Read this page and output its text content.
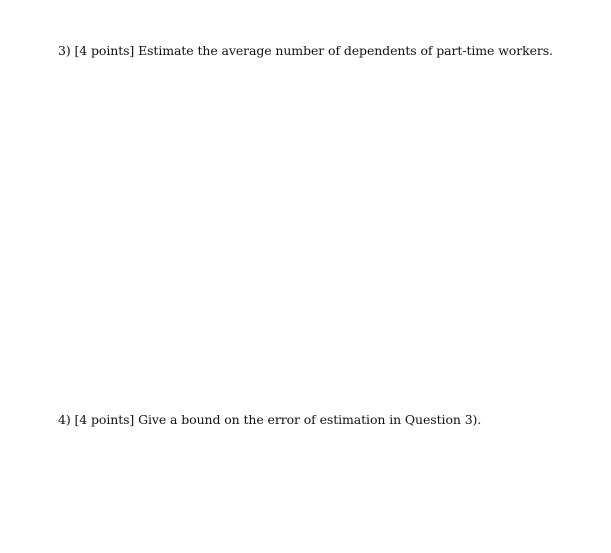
3) [4 points] Estimate the average number of dependents of part-time workers.
4) [4 points] Give a bound on the error of estimation in Question 3).
